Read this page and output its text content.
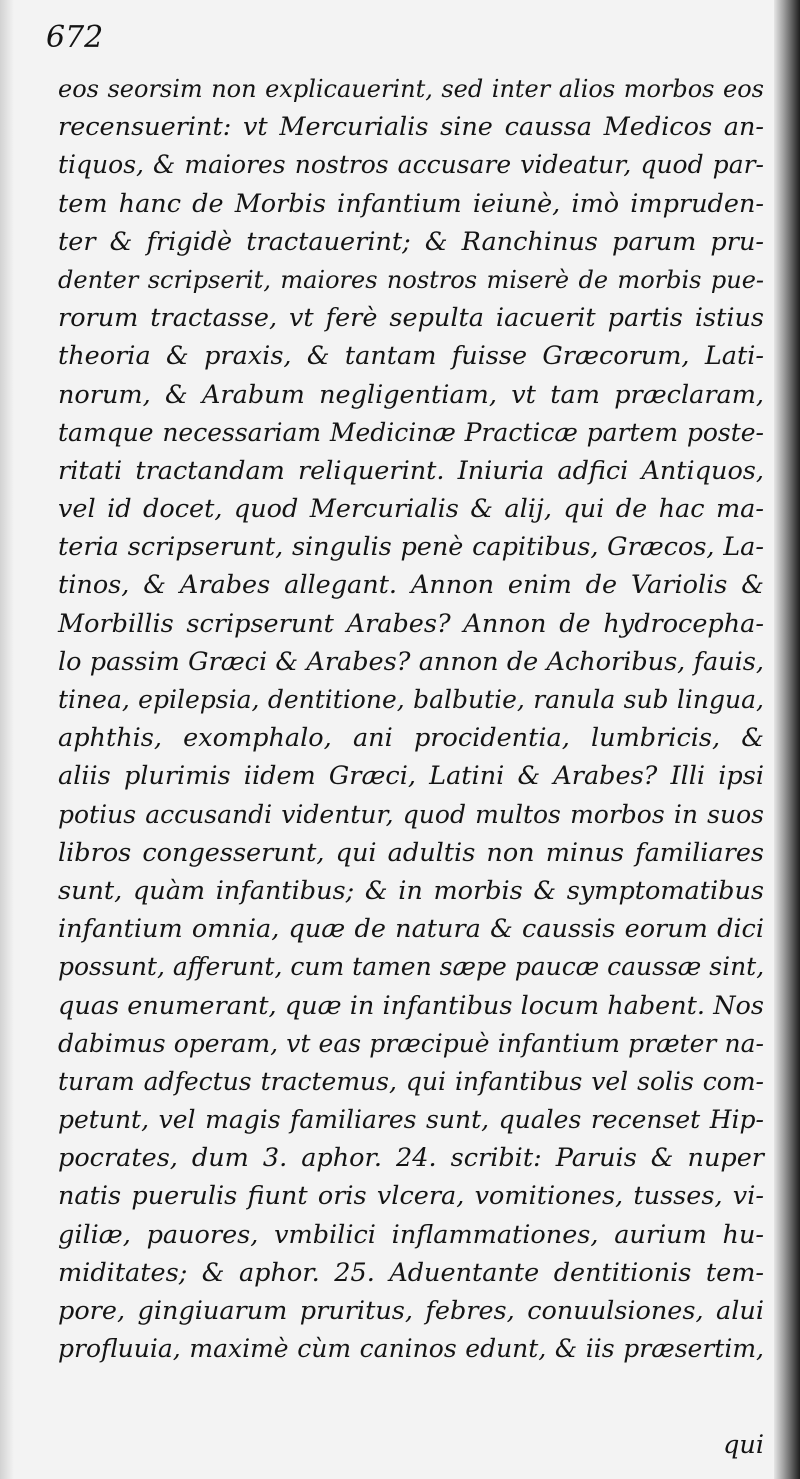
672
eos seorsim non explicauerint, sed inter alios morbos eos
recensuerint: vt Mercurialis sine caussa Medicos an-
tiquos, & maiores nostros accusare videatur, quod par-
tem hanc de Morbis infantium ieiunè, imò impruden-
ter & frigidè tractauerint; & Ranchinus parum pru-
denter scripserit, maiores nostros miserè de morbis pue-
rorum tractasse, vt ferè sepulta iacuerit partis istius
theoria & praxis, & tantam fuisse Græcorum, Lati-
norum, & Arabum negligentiam, vt tam præclaram,
tamque necessariam Medicinæ Practicæ partem poste-
ritati tractandam reliquerint. Iniuria adfici Antiquos,
vel id docet, quod Mercurialis & alij, qui de hac ma-
teria scripserunt, singulis penè capitibus, Græcos, La-
tinos, & Arabes allegant. Annon enim de Variolis &
Morbillis scripserunt Arabes? Annon de hydrocepha-
lo passim Græci & Arabes? annon de Achoribus, fauis,
tinea, epilepsia, dentitione, balbutie, ranula sub lingua,
aphthis, exomphalo, ani procidentia, lumbricis, &
aliis plurimis iidem Græci, Latini & Arabes? Illi ipsi
potius accusandi videntur, quod multos morbos in suos
libros congesserunt, qui adultis non minus familiares
sunt, quàm infantibus; & in morbis & symptomatibus
infantium omnia, quæ de natura & caussis eorum dici
possunt, afferunt, cum tamen sæpe paucæ caussæ sint,
quas enumerant, quæ in infantibus locum habent. Nos
dabimus operam, vt eas præcipuè infantium præter na-
turam adfectus tractemus, qui infantibus vel solis com-
petunt, vel magis familiares sunt, quales recenset Hip-
pocrates, dum 3. aphor. 24. scribit: Paruis & nuper
natis puerulis fiunt oris vlcera, vomitiones, tusses, vi-
giliæ, pauores, vmbilici inflammationes, aurium hu-
miditates; & aphor. 25. Aduentante dentitionis tem-
pore, gingiuarum pruritus, febres, conuulsiones, alui
profluuia, maximè cùm caninos edunt, & iis præsertim,
qui
